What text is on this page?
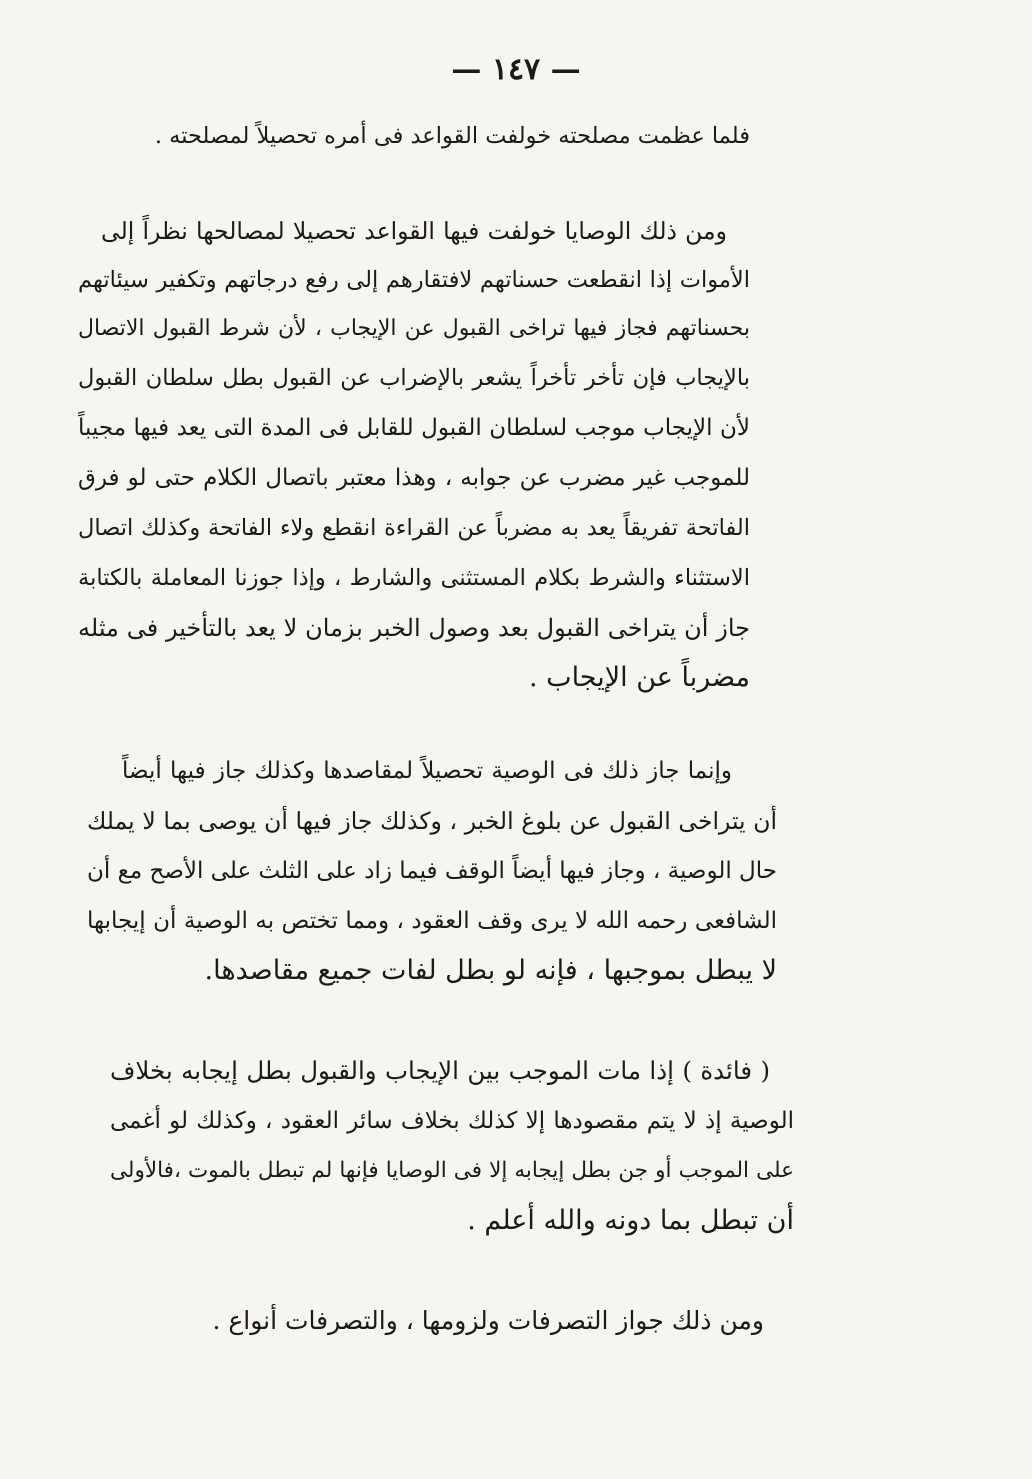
— ١٤٧ —
فلما عظمت مصلحته خولفت القواعد فى أمره تحصيلاً لمصلحته .
ومن ذلك الوصايا خولفت فيها القواعد تحصيلا لمصالحها نظراً إلى
الأموات إذا انقطعت حسناتهم لافتقارهم إلى رفع درجاتهم وتكفير سيئاتهم
بحسناتهم فجاز فيها تراخى القبول عن الإيجاب ، لأن شرط القبول الاتصال
بالإيجاب فإن تأخر تأخراً يشعر بالإضراب عن القبول بطل سلطان القبول
لأن الإيجاب موجب لسلطان القبول للقابل فى المدة التى يعد فيها مجيباً
للموجب غير مضرب عن جوابه ، وهذا معتبر باتصال الكلام حتى لو فرق
الفاتحة تفريقاً يعد به مضرباً عن القراءة انقطع ولاء الفاتحة وكذلك اتصال
الاستثناء والشرط بكلام المستثنى والشارط ، وإذا جوزنا المعاملة بالكتابة
جاز أن يتراخى القبول بعد وصول الخبر بزمان لا يعد بالتأخير فى مثله
مضرباً عن الإيجاب .
وإنما جاز ذلك فى الوصية تحصيلاً لمقاصدها وكذلك جاز فيها أيضاً
أن يتراخى القبول عن بلوغ الخبر ، وكذلك جاز فيها أن يوصى بما لا يملك
حال الوصية ، وجاز فيها أيضاً الوقف فيما زاد على الثلث على الأصح مع أن
الشافعى رحمه الله لا يرى وقف العقود ، ومما تختص به الوصية أن إيجابها
لا يبطل بموجبها ، فإنه لو بطل لفات جميع مقاصدها.
( فائدة ) إذا مات الموجب بين الإيجاب والقبول بطل إيجابه بخلاف
الوصية إذ لا يتم مقصودها إلا كذلك بخلاف سائر العقود ، وكذلك لو أغمى
على الموجب أو جن بطل إيجابه إلا فى الوصايا فإنها لم تبطل بالموت ،فالأولى
أن تبطل بما دونه والله أعلم .
ومن ذلك جواز التصرفات ولزومها ، والتصرفات أنواع .
